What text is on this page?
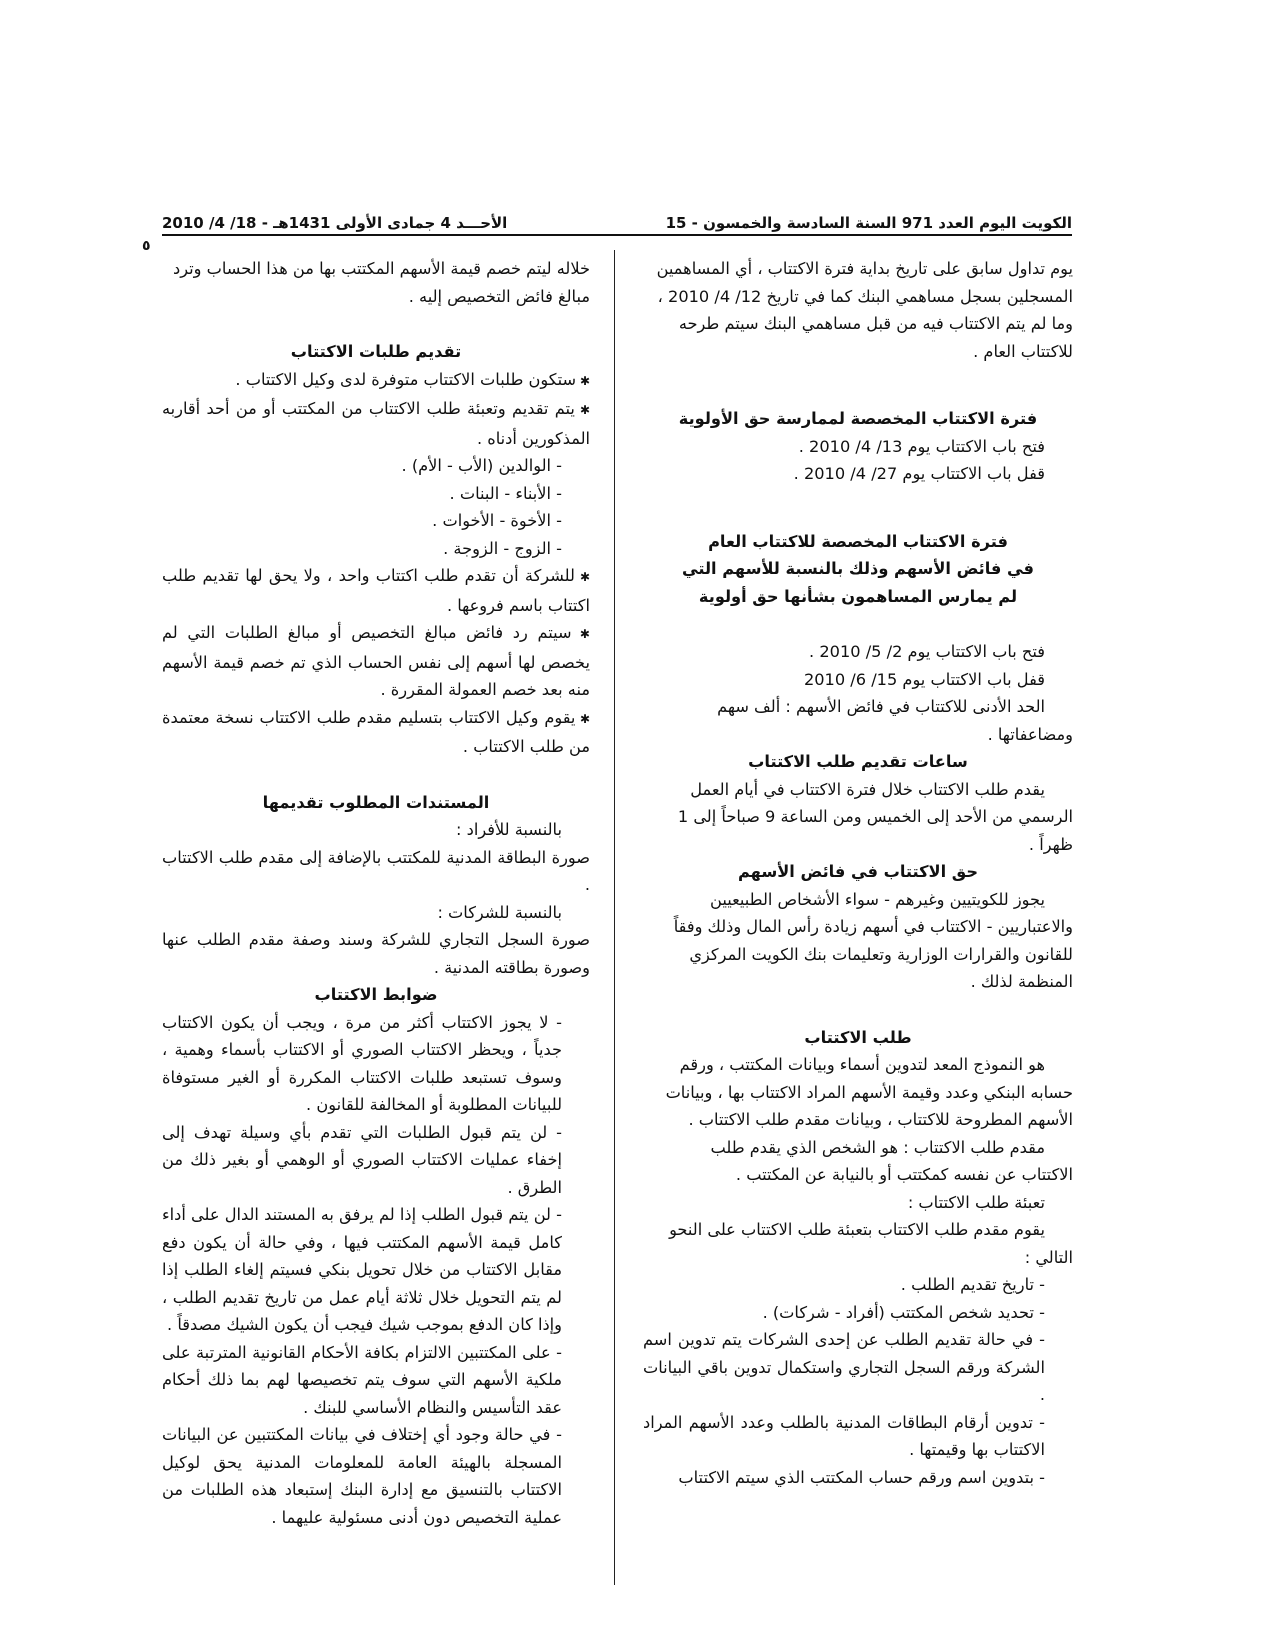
الكويت اليوم العدد 971 السنة السادسة والخمسون - 15
الأحـــد 4 جمادى الأولى 1431هـ - 18/ 4/ 2010
٥

يوم تداول سابق على تاريخ بداية فترة الاكتتاب ، أي المساهمين

المسجلين بسجل مساهمي البنك كما في تاريخ 12/ 4/ 2010 ،

وما لم يتم الاكتتاب فيه من قبل مساهمي البنك سيتم طرحه

للاكتتاب العام .

فترة الاكتتاب المخصصة لممارسة حق الأولوية

فتح باب الاكتتاب يوم 13/ 4/ 2010 .

قفل باب الاكتتاب يوم 27/ 4/ 2010 .

فترة الاكتتاب المخصصة للاكتتاب العام
في فائض الأسهم وذلك بالنسبة للأسهم التي
لم يمارس المساهمون بشأنها حق أولوية

فتح باب الاكتتاب يوم 2/ 5/ 2010 .

قفل باب الاكتتاب يوم 15/ 6/ 2010

الحد الأدنى للاكتتاب في فائض الأسهم : ألف سهم

ومضاعفاتها .

ساعات تقديم طلب الاكتتاب

يقدم طلب الاكتتاب خلال فترة الاكتتاب في أيام العمل

الرسمي من الأحد إلى الخميس ومن الساعة 9 صباحاً إلى 1

ظهراً .

حق الاكتتاب في فائض الأسهم

يجوز للكويتيين وغيرهم - سواء الأشخاص الطبيعيين

والاعتباريين - الاكتتاب في أسهم زيادة رأس المال وذلك وفقاً

للقانون والقرارات الوزارية وتعليمات بنك الكويت المركزي

المنظمة لذلك .

طلب الاكتتاب

هو النموذج المعد لتدوين أسماء وبيانات المكتتب ، ورقم

حسابه البنكي وعدد وقيمة الأسهم المراد الاكتتاب بها ، وبيانات

الأسهم المطروحة للاكتتاب ، وبيانات مقدم طلب الاكتتاب .

مقدم طلب الاكتتاب : هو الشخص الذي يقدم طلب

الاكتتاب عن نفسه كمكتتب أو بالنيابة عن المكتتب .

تعبئة طلب الاكتتاب :

يقوم مقدم طلب الاكتتاب بتعبئة طلب الاكتتاب على النحو

التالي :

- تاريخ تقديم الطلب .

- تحديد شخص المكتتب (أفراد - شركات) .

- في حالة تقديم الطلب عن إحدى الشركات يتم تدوين اسم الشركة ورقم السجل التجاري واستكمال تدوين باقي البيانات .

- تدوين أرقام البطاقات المدنية بالطلب وعدد الأسهم المراد الاكتتاب بها وقيمتها .

- بتدوين اسم ورقم حساب المكتتب الذي سيتم الاكتتاب

خلاله ليتم خصم قيمة الأسهم المكتتب بها من هذا الحساب وترد

مبالغ فائض التخصيص إليه .

تقديم طلبات الاكتتاب

✱ ستكون طلبات الاكتتاب متوفرة لدى وكيل الاكتتاب .

✱ يتم تقديم وتعبئة طلب الاكتتاب من المكتتب أو من أحد أقاربه المذكورين أدناه .

- الوالدين (الأب - الأم) .

- الأبناء - البنات .

- الأخوة - الأخوات .

- الزوج - الزوجة .

✱ للشركة أن تقدم طلب اكتتاب واحد ، ولا يحق لها تقديم طلب اكتتاب باسم فروعها .

✱ سيتم رد فائض مبالغ التخصيص أو مبالغ الطلبات التي لم يخصص لها أسهم إلى نفس الحساب الذي تم خصم قيمة الأسهم منه بعد خصم العمولة المقررة .

✱ يقوم وكيل الاكتتاب بتسليم مقدم طلب الاكتتاب نسخة معتمدة من طلب الاكتتاب .

المستندات المطلوب تقديمها

بالنسبة للأفراد :

صورة البطاقة المدنية للمكتتب بالإضافة إلى مقدم طلب الاكتتاب .

بالنسبة للشركات :

صورة السجل التجاري للشركة وسند وصفة مقدم الطلب عنها وصورة بطاقته المدنية .

ضوابط الاكتتاب

- لا يجوز الاكتتاب أكثر من مرة ، ويجب أن يكون الاكتتاب جدياً ، ويحظر الاكتتاب الصوري أو الاكتتاب بأسماء وهمية ، وسوف تستبعد طلبات الاكتتاب المكررة أو الغير مستوفاة للبيانات المطلوبة أو المخالفة للقانون .

- لن يتم قبول الطلبات التي تقدم بأي وسيلة تهدف إلى إخفاء عمليات الاكتتاب الصوري أو الوهمي أو بغير ذلك من الطرق .

- لن يتم قبول الطلب إذا لم يرفق به المستند الدال على أداء كامل قيمة الأسهم المكتتب فيها ، وفي حالة أن يكون دفع مقابل الاكتتاب من خلال تحويل بنكي فسيتم إلغاء الطلب إذا لم يتم التحويل خلال ثلاثة أيام عمل من تاريخ تقديم الطلب ، وإذا كان الدفع بموجب شيك فيجب أن يكون الشيك مصدقاً .

- على المكتتبين الالتزام بكافة الأحكام القانونية المترتبة على ملكية الأسهم التي سوف يتم تخصيصها لهم بما ذلك أحكام عقد التأسيس والنظام الأساسي للبنك .

- في حالة وجود أي إختلاف في بيانات المكتتبين عن البيانات المسجلة بالهيئة العامة للمعلومات المدنية يحق لوكيل الاكتتاب بالتنسيق مع إدارة البنك إستبعاد هذه الطلبات من عملية التخصيص دون أدنى مسئولية عليهما .
